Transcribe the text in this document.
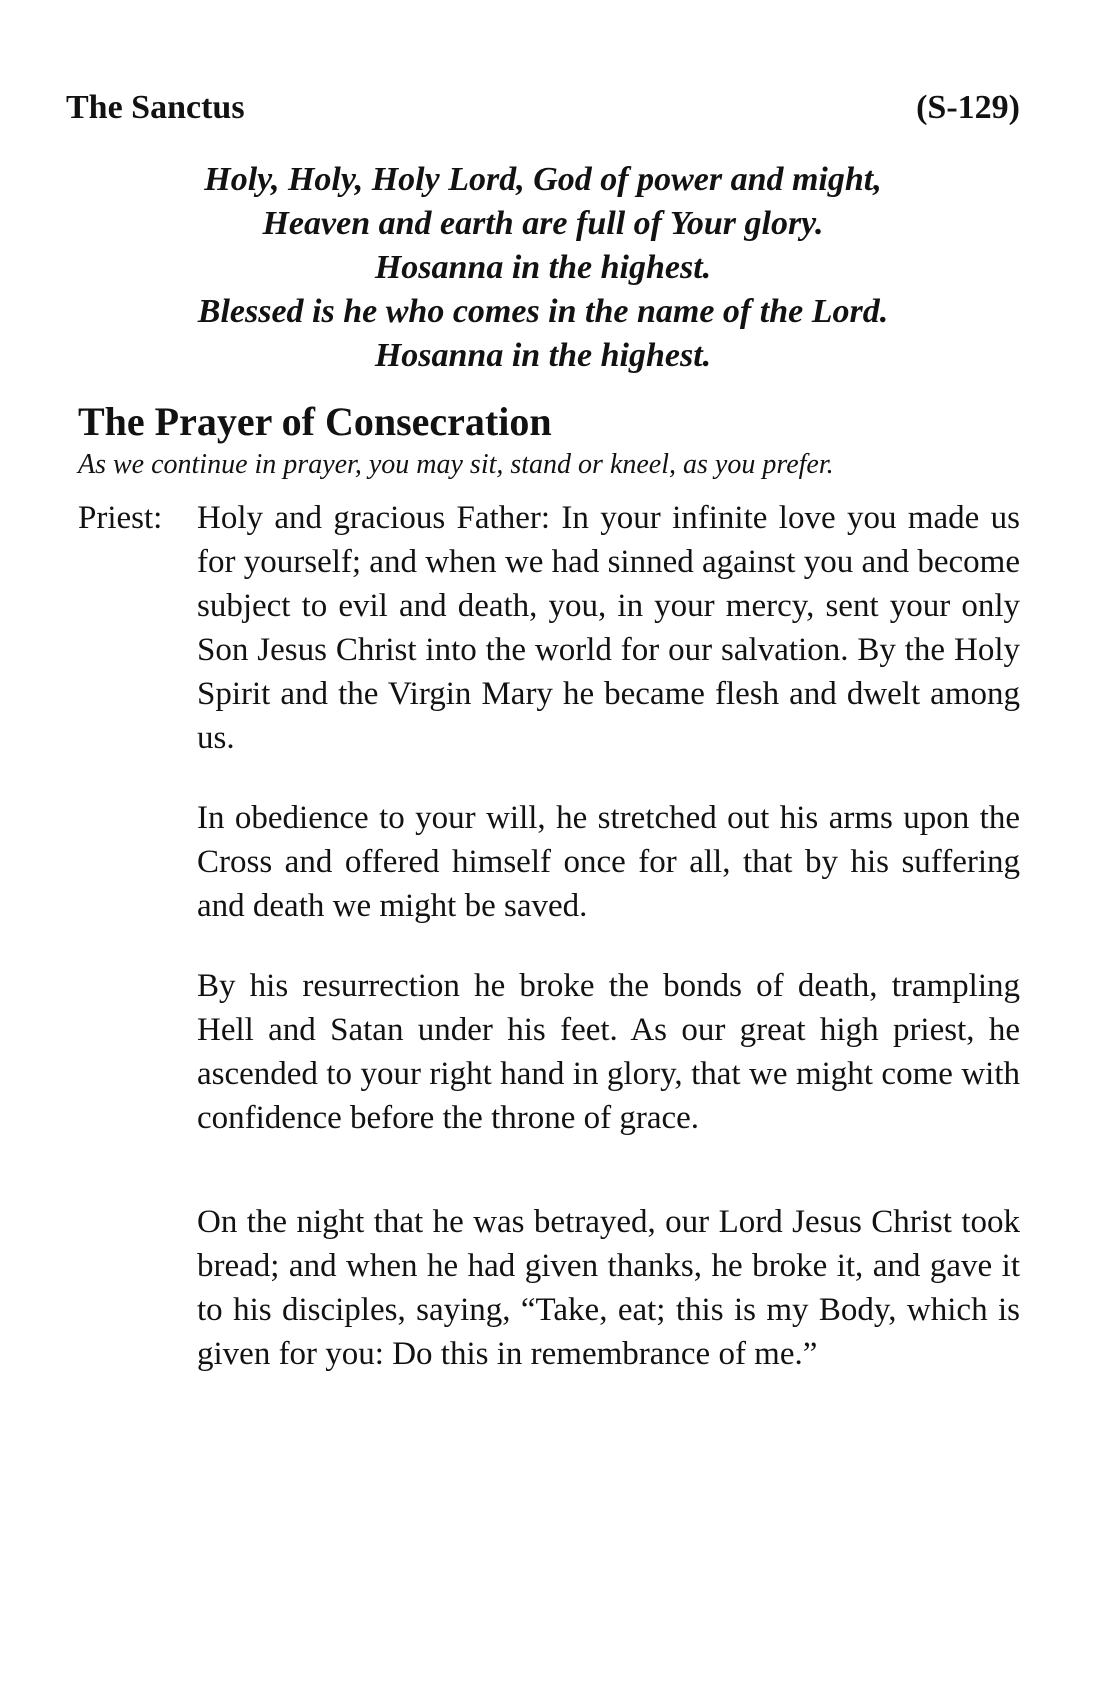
The Sanctus	(S-129)
Holy, Holy, Holy Lord, God of power and might,
Heaven and earth are full of Your glory.
Hosanna in the highest.
Blessed is he who comes in the name of the Lord.
Hosanna in the highest.
The Prayer of Consecration

As we continue in prayer, you may sit, stand or kneel, as you prefer.

Priest:	Holy and gracious Father: In your infinite love you made us for yourself; and when we had sinned against you and become subject to evil and death, you, in your mercy, sent your only Son Jesus Christ into the world for our salvation. By the Holy Spirit and the Virgin Mary he became flesh and dwelt among us.

In obedience to your will, he stretched out his arms upon the Cross and offered himself once for all, that by his suffering and death we might be saved.

By his resurrection he broke the bonds of death, trampling Hell and Satan under his feet. As our great high priest, he ascended to your right hand in glory, that we might come with confidence before the throne of grace.

On the night that he was betrayed, our Lord Jesus Christ took bread; and when he had given thanks, he broke it, and gave it to his disciples, saying, “Take, eat; this is my Body, which is given for you: Do this in remembrance of me.”
